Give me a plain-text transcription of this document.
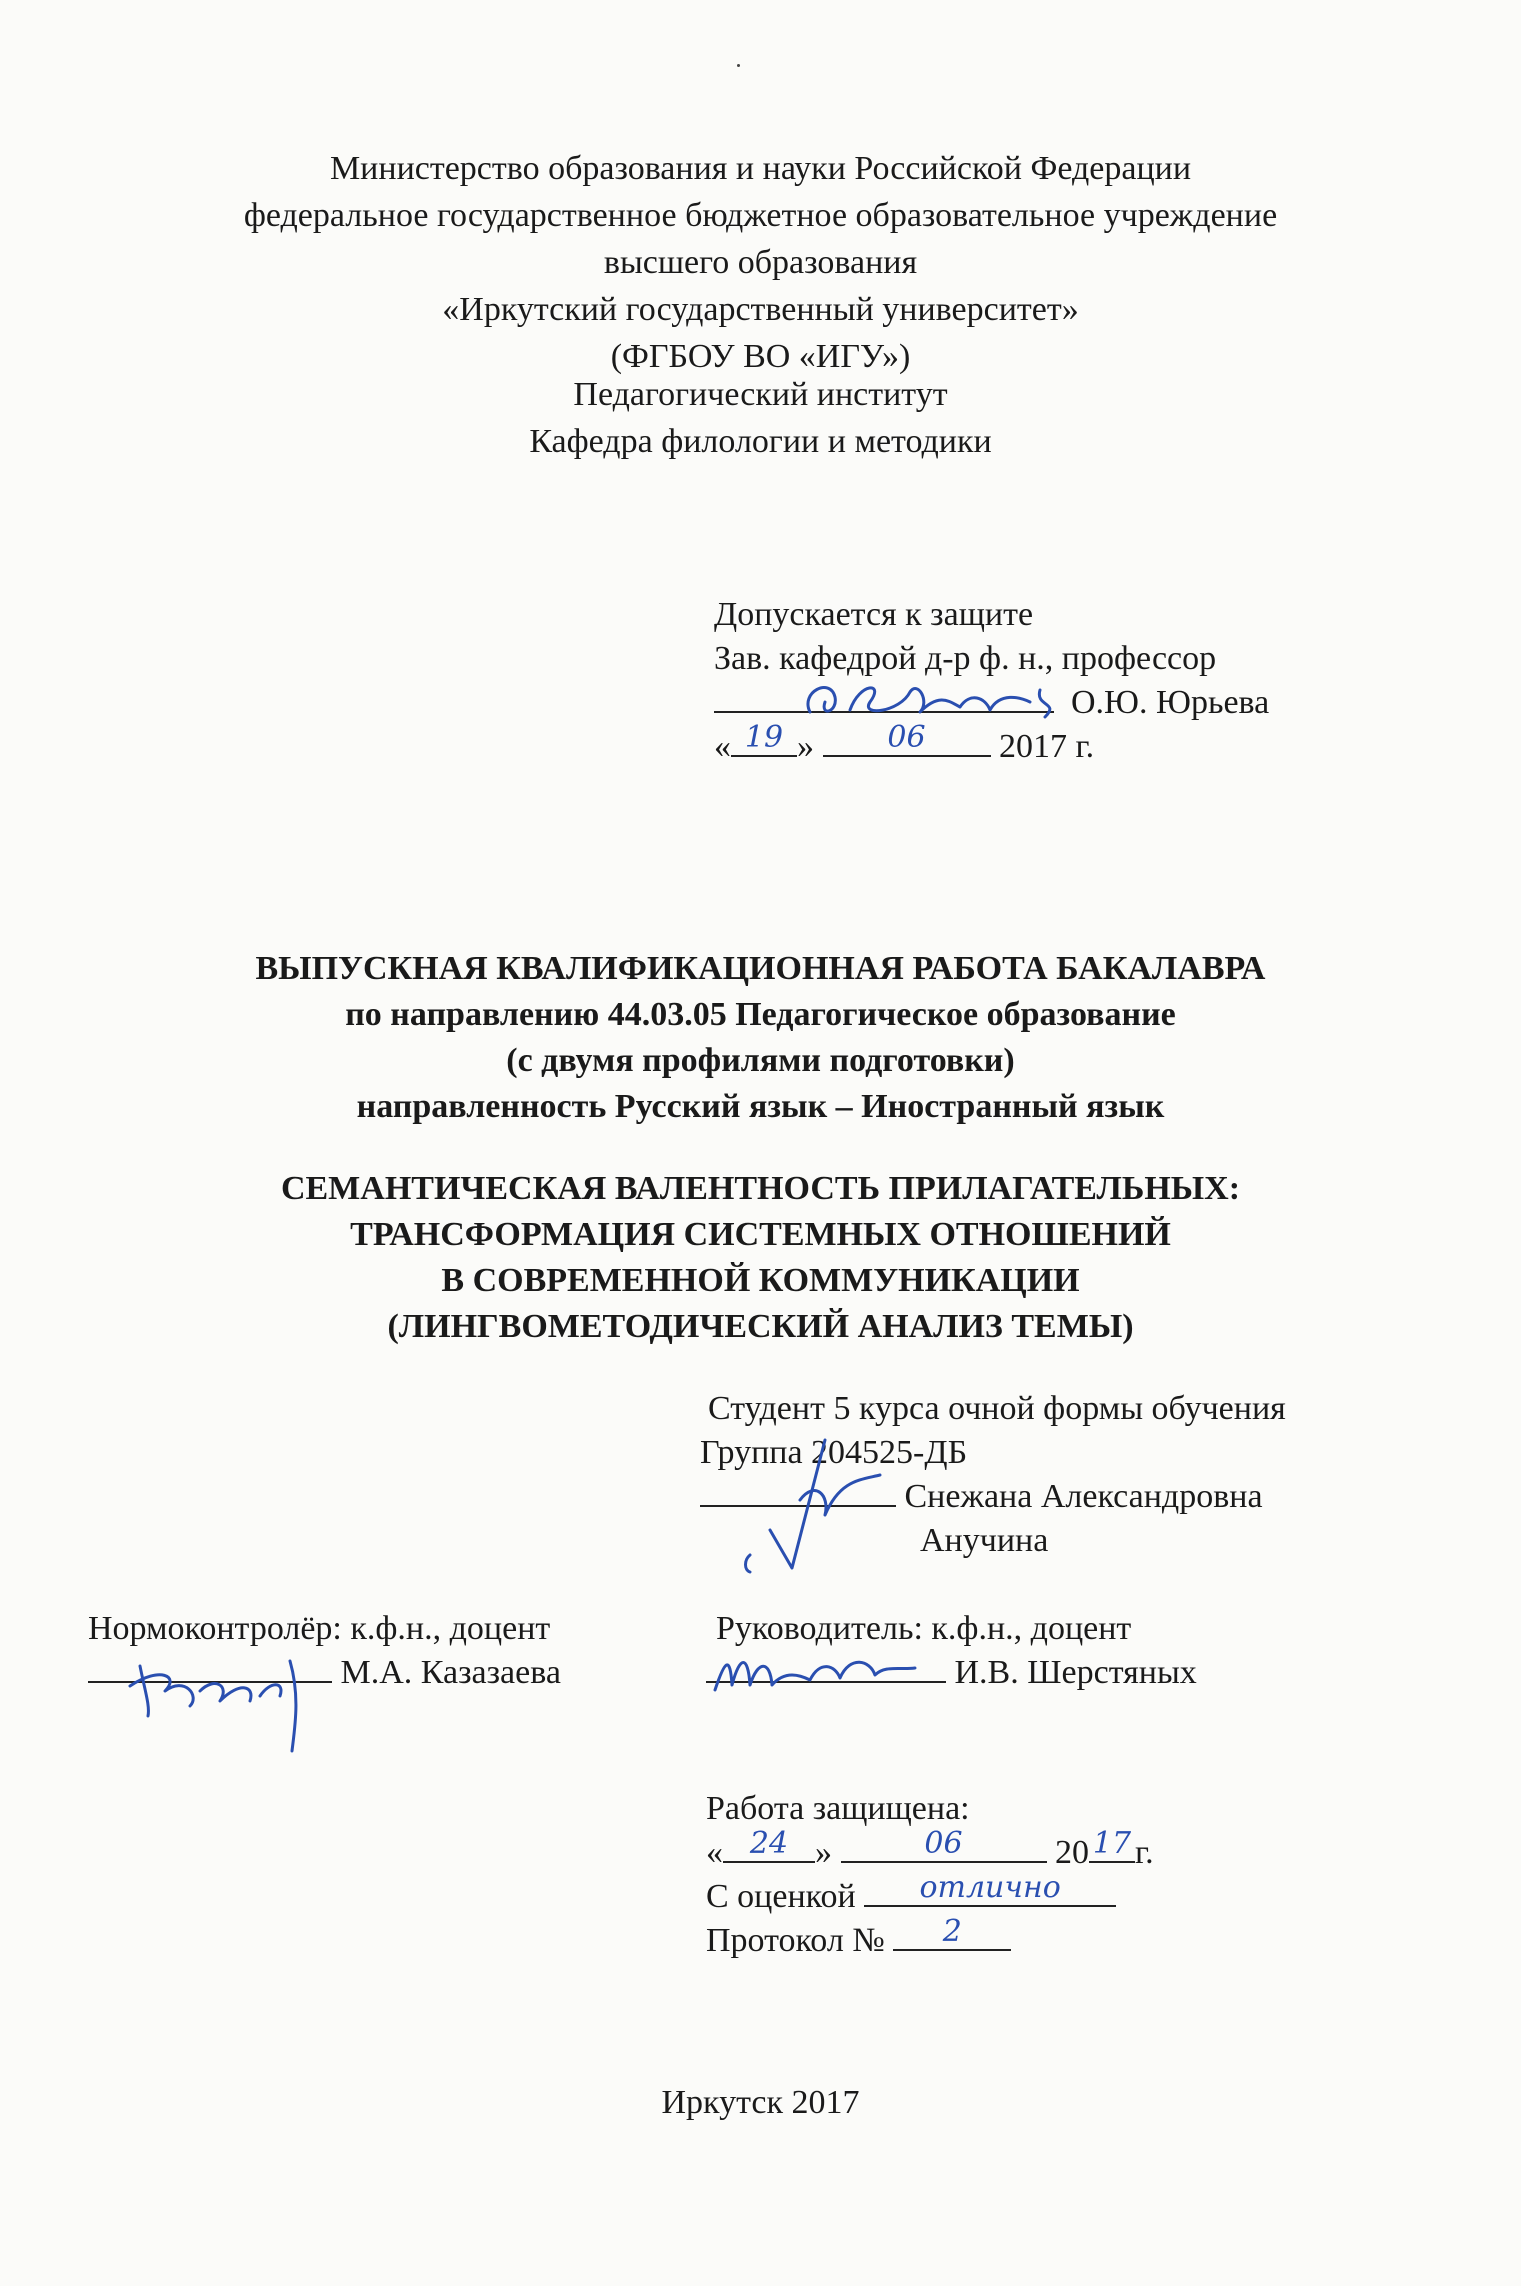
Министерство образования и науки Российской Федерации
федеральное государственное бюджетное образовательное учреждение
высшего образования
«Иркутский государственный университет»
(ФГБОУ ВО «ИГУ»)
Педагогический институт
Кафедра филологии и методики
Допускается к защите
Зав. кафедрой д-р ф. н., профессор
О.Ю. Юрьева
« 19 »	06	2017 г.
ВЫПУСКНАЯ КВАЛИФИКАЦИОННАЯ РАБОТА БАКАЛАВРА
по направлению 44.03.05 Педагогическое образование
(с двумя профилями подготовки)
направленность Русский язык – Иностранный язык
СЕМАНТИЧЕСКАЯ ВАЛЕНТНОСТЬ ПРИЛАГАТЕЛЬНЫХ:
ТРАНСФОРМАЦИЯ СИСТЕМНЫХ ОТНОШЕНИЙ
В СОВРЕМЕННОЙ КОММУНИКАЦИИ
(ЛИНГВОМЕТОДИЧЕСКИЙ АНАЛИЗ ТЕМЫ)
Студент 5 курса очной формы обучения
Группа 204525-ДБ
Снежана Александровна
Анучина
Нормоконтролёр: к.ф.н., доцент
М.А. Казазаева
Руководитель: к.ф.н., доцент
И.В. Шерстяных
Работа защищена:
« 24 »	06	20 17 г.
С оценкой	отлично
Протокол №	2
Иркутск 2017
